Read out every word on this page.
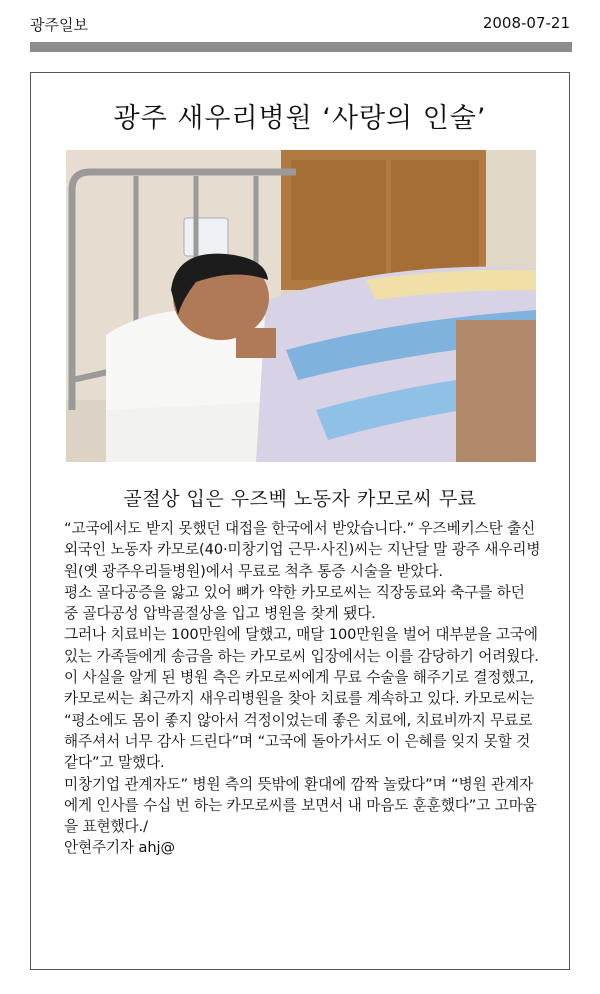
광주일보	2008-07-21
광주 새우리병원 ‘사랑의 인술’
골절상 입은 우즈벡 노동자 카모로씨 무료

“고국에서도 받지 못했던 대접을 한국에서 받았습니다.” 우즈베키스탄 출신 외국인 노동자 카모로(40·미창기업 근무·사진)씨는 지난달 말 광주 새우리병원(옛 광주우리들병원)에서 무료로 척추 통증 시술을 받았다.

평소 골다공증을 앓고 있어 뼈가 약한 카모로씨는 직장동료와 축구를 하던 중 골다공성 압박골절상을 입고 병원을 찾게 됐다.

그러나 치료비는 100만원에 달했고, 매달 100만원을 벌어 대부분을 고국에 있는 가족들에게 송금을 하는 카모로씨 입장에서는 이를 감당하기 어려웠다. 이 사실을 알게 된 병원 측은 카모로씨에게 무료 수술을 해주기로 결정했고, 카모로씨는 최근까지 새우리병원을 찾아 치료를 계속하고 있다. 카모로씨는 “평소에도 몸이 좋지 않아서 걱정이었는데 좋은 치료에, 치료비까지 무료로 해주셔서 너무 감사 드린다”며 “고국에 돌아가서도 이 은혜를 잊지 못할 것 같다”고 말했다.

미창기업 관계자도” 병원 측의 뜻밖에 환대에 깜짝 놀랐다”며 “병원 관계자에게 인사를 수십 번 하는 카모로씨를 보면서 내 마음도 훈훈했다”고 고마움을 표현했다./

안현주기자 ahj@
